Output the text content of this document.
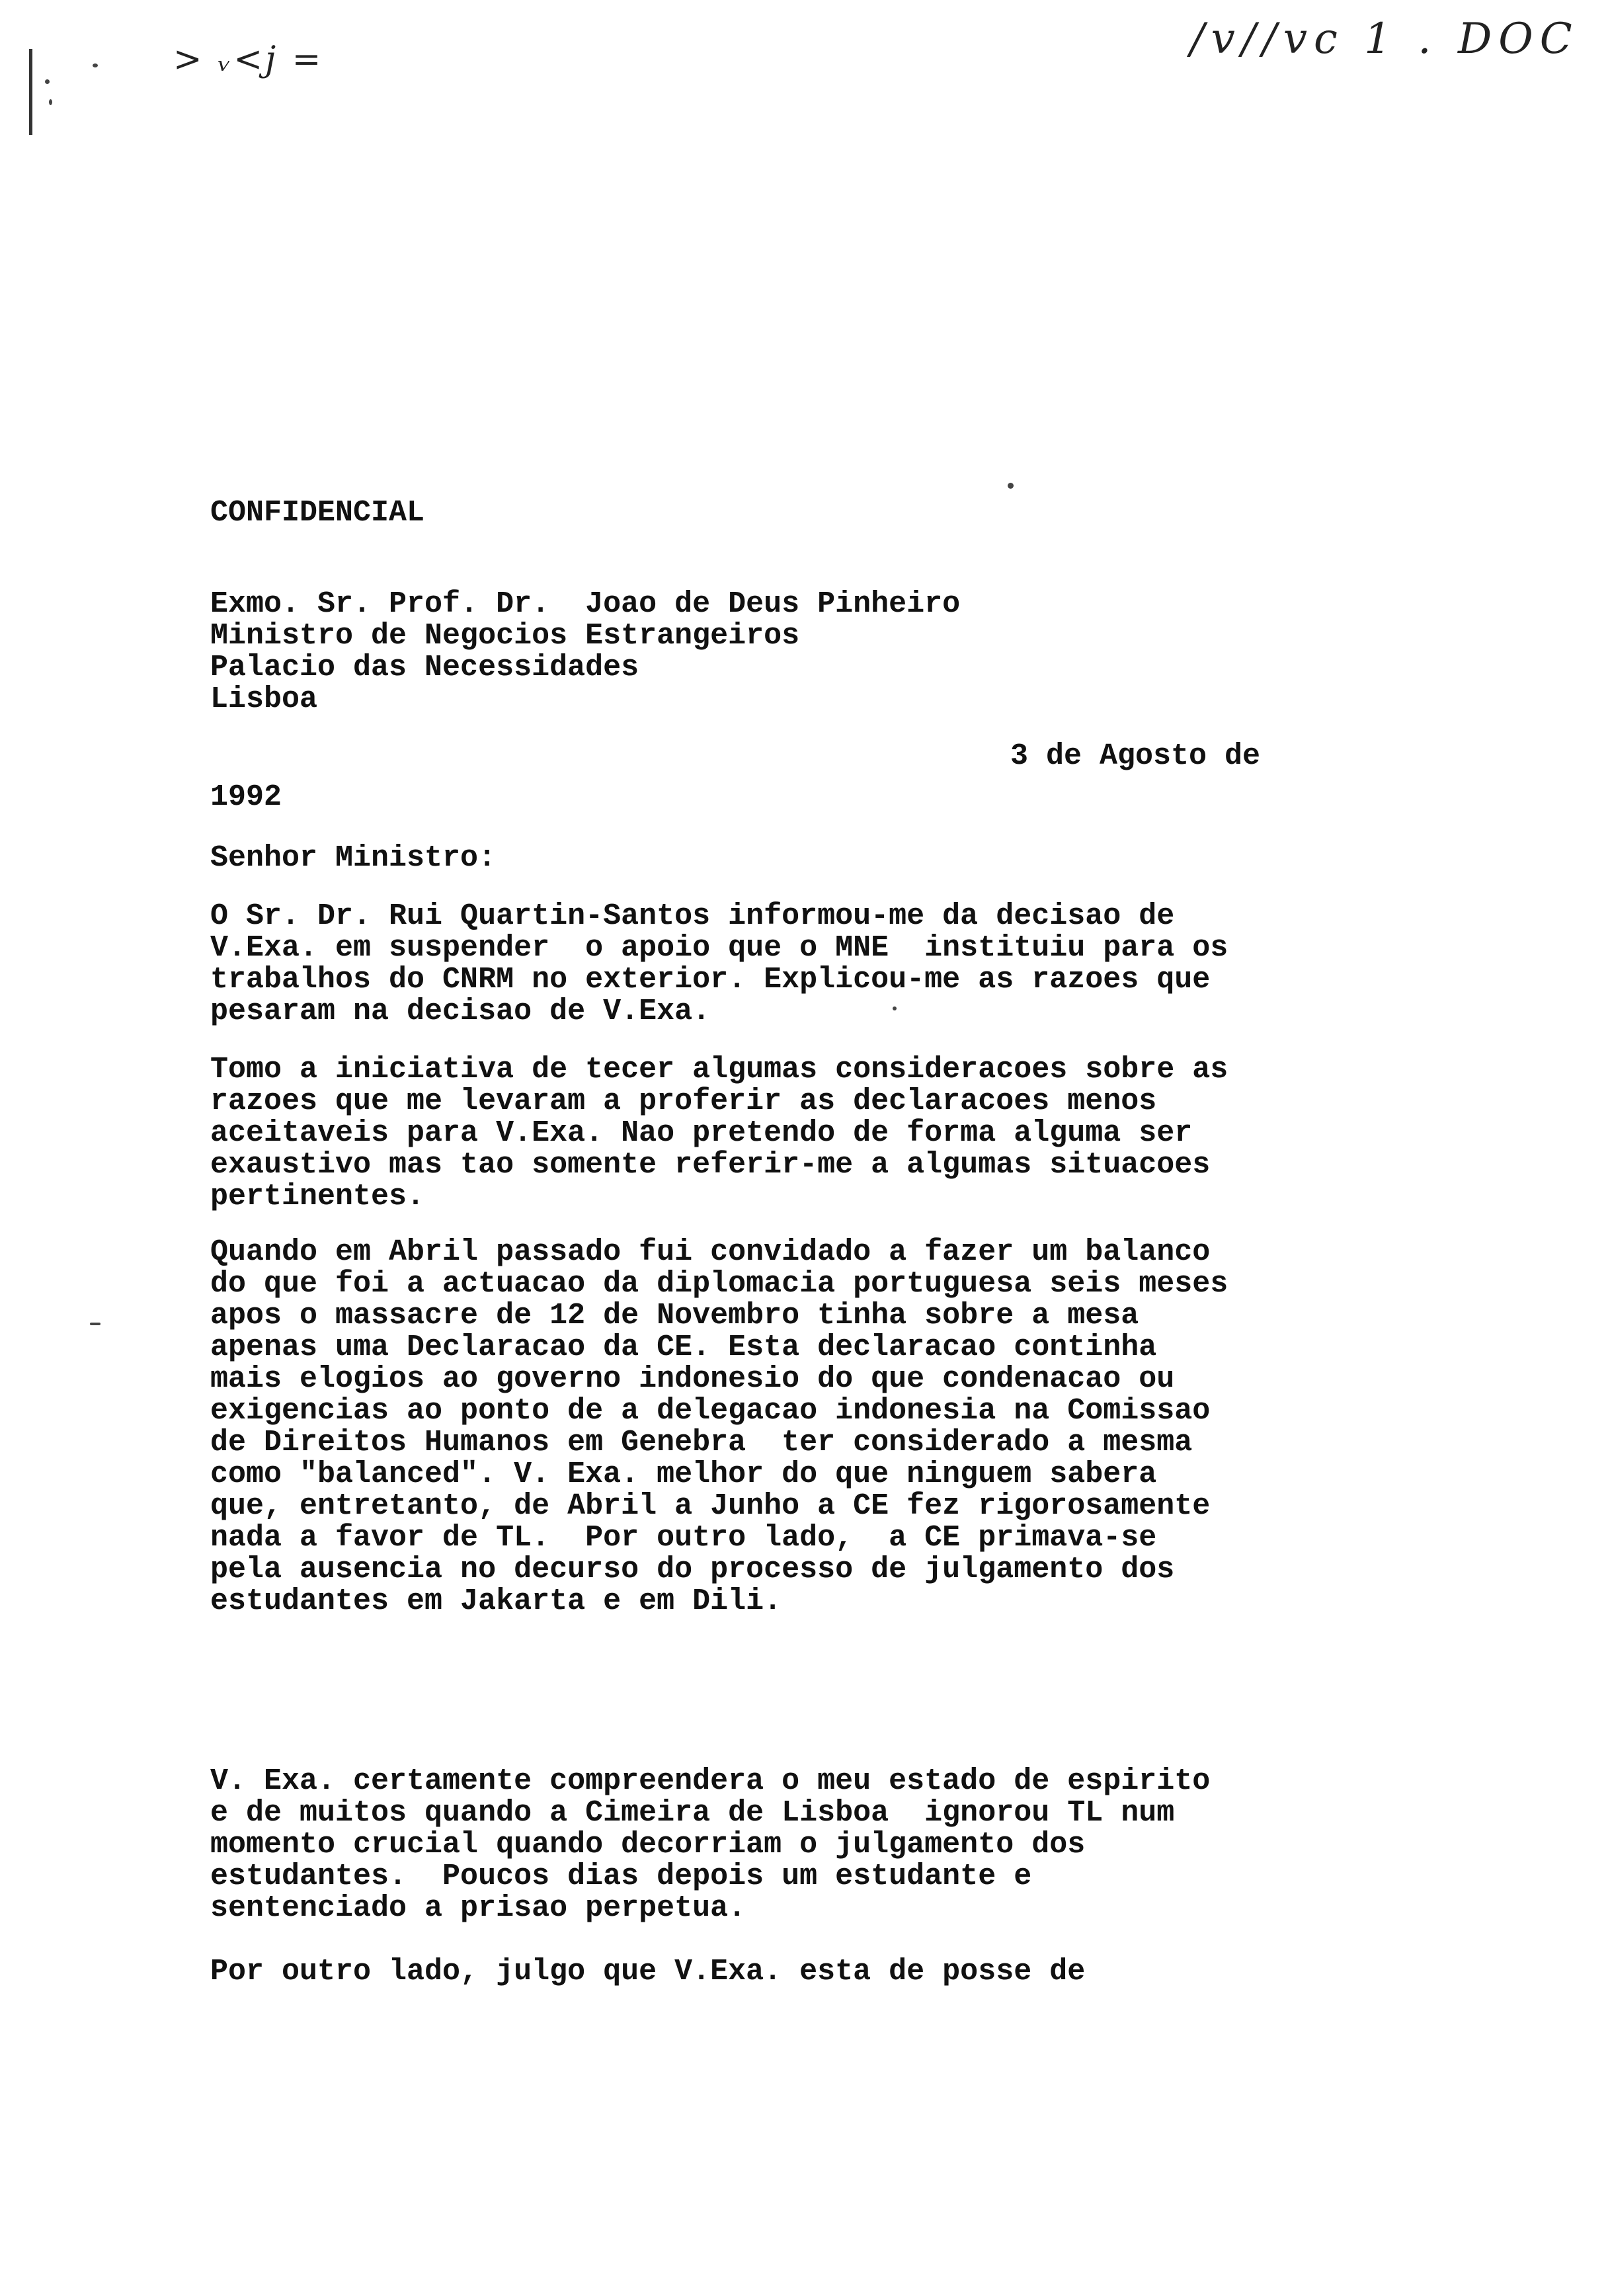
/v//vc 1 . DOC
> ᵥ<j =
CONFIDENCIAL
Exmo. Sr. Prof. Dr.  Joao de Deus Pinheiro
Ministro de Negocios Estrangeiros
Palacio das Necessidades
Lisboa
3 de Agosto de
1992
Senhor Ministro:
O Sr. Dr. Rui Quartin-Santos informou-me da decisao de
V.Exa. em suspender  o apoio que o MNE  instituiu para os
trabalhos do CNRM no exterior. Explicou-me as razoes que
pesaram na decisao de V.Exa.
Tomo a iniciativa de tecer algumas consideracoes sobre as
razoes que me levaram a proferir as declaracoes menos
aceitaveis para V.Exa. Nao pretendo de forma alguma ser
exaustivo mas tao somente referir-me a algumas situacoes
pertinentes.
Quando em Abril passado fui convidado a fazer um balanco
do que foi a actuacao da diplomacia portuguesa seis meses
apos o massacre de 12 de Novembro tinha sobre a mesa
apenas uma Declaracao da CE. Esta declaracao continha
mais elogios ao governo indonesio do que condenacao ou
exigencias ao ponto de a delegacao indonesia na Comissao
de Direitos Humanos em Genebra  ter considerado a mesma
como "balanced". V. Exa. melhor do que ninguem sabera
que, entretanto, de Abril a Junho a CE fez rigorosamente
nada a favor de TL.  Por outro lado,  a CE primava-se
pela ausencia no decurso do processo de julgamento dos
estudantes em Jakarta e em Dili.
V. Exa. certamente compreendera o meu estado de espirito
e de muitos quando a Cimeira de Lisboa  ignorou TL num
momento crucial quando decorriam o julgamento dos
estudantes.  Poucos dias depois um estudante e
sentenciado a prisao perpetua.
Por outro lado, julgo que V.Exa. esta de posse de
